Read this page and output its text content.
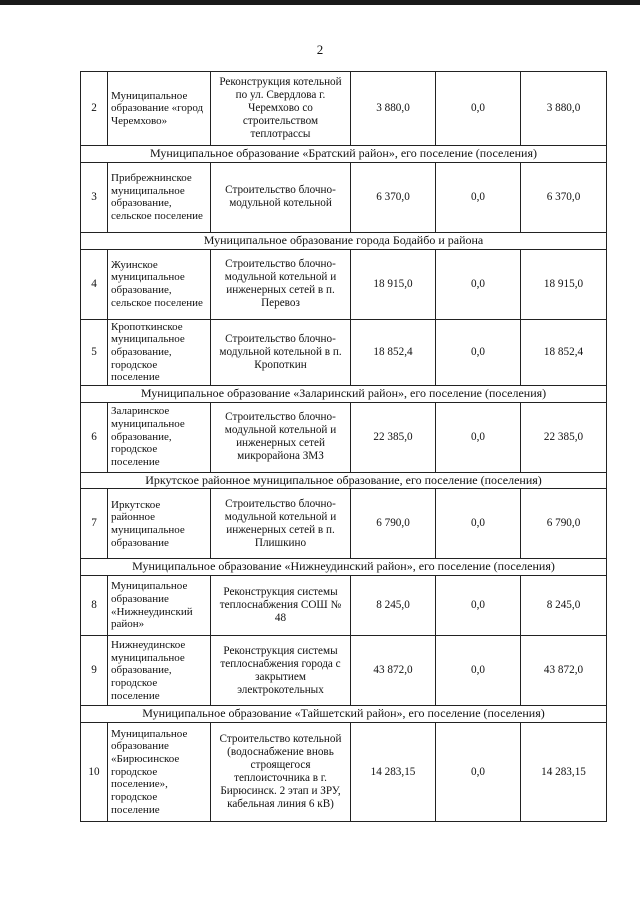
2
2	Муниципальное образование «город Черемхово»	Реконструкция котельной по ул. Свердлова г. Черемхово со строительством теплотрассы	3 880,0	0,0	3 880,0
Муниципальное образование «Братский район», его поселение (поселения)					
3	Прибрежнинское муниципальное образование, сельское поселение	Строительство блочно-модульной котельной	6 370,0	0,0	6 370,0
Муниципальное образование города Бодайбо и района					
4	Жуинское муниципальное образование, сельское поселение	Строительство блочно-модульной котельной и инженерных сетей в п. Перевоз	18 915,0	0,0	18 915,0
5	Кропоткинское муниципальное образование, городское поселение	Строительство блочно-модульной котельной в п. Кропоткин	18 852,4	0,0	18 852,4
Муниципальное образование «Заларинский район», его поселение (поселения)					
6	Заларинское муниципальное образование, городское поселение	Строительство блочно-модульной котельной и инженерных сетей микрорайона ЗМЗ	22 385,0	0,0	22 385,0
Иркутское районное муниципальное образование, его поселение (поселения)					
7	Иркутское районное муниципальное образование	Строительство блочно-модульной котельной и инженерных сетей в п. Плишкино	6 790,0	0,0	6 790,0
Муниципальное образование «Нижнеудинский район», его поселение (поселения)					
8	Муниципальное образование «Нижнеудинский район»	Реконструкция системы теплоснабжения СОШ № 48	8 245,0	0,0	8 245,0
9	Нижнеудинское муниципальное образование, городское поселение	Реконструкция системы теплоснабжения города с закрытием электрокотельных	43 872,0	0,0	43 872,0
Муниципальное образование «Тайшетский район», его поселение (поселения)					
10	Муниципальное образование «Бирюсинское городское поселение», городское поселение	Строительство котельной (водоснабжение вновь строящегося теплоисточника в г. Бирюсинск. 2 этап и ЗРУ, кабельная линия 6 кВ)	14 283,15	0,0	14 283,15
